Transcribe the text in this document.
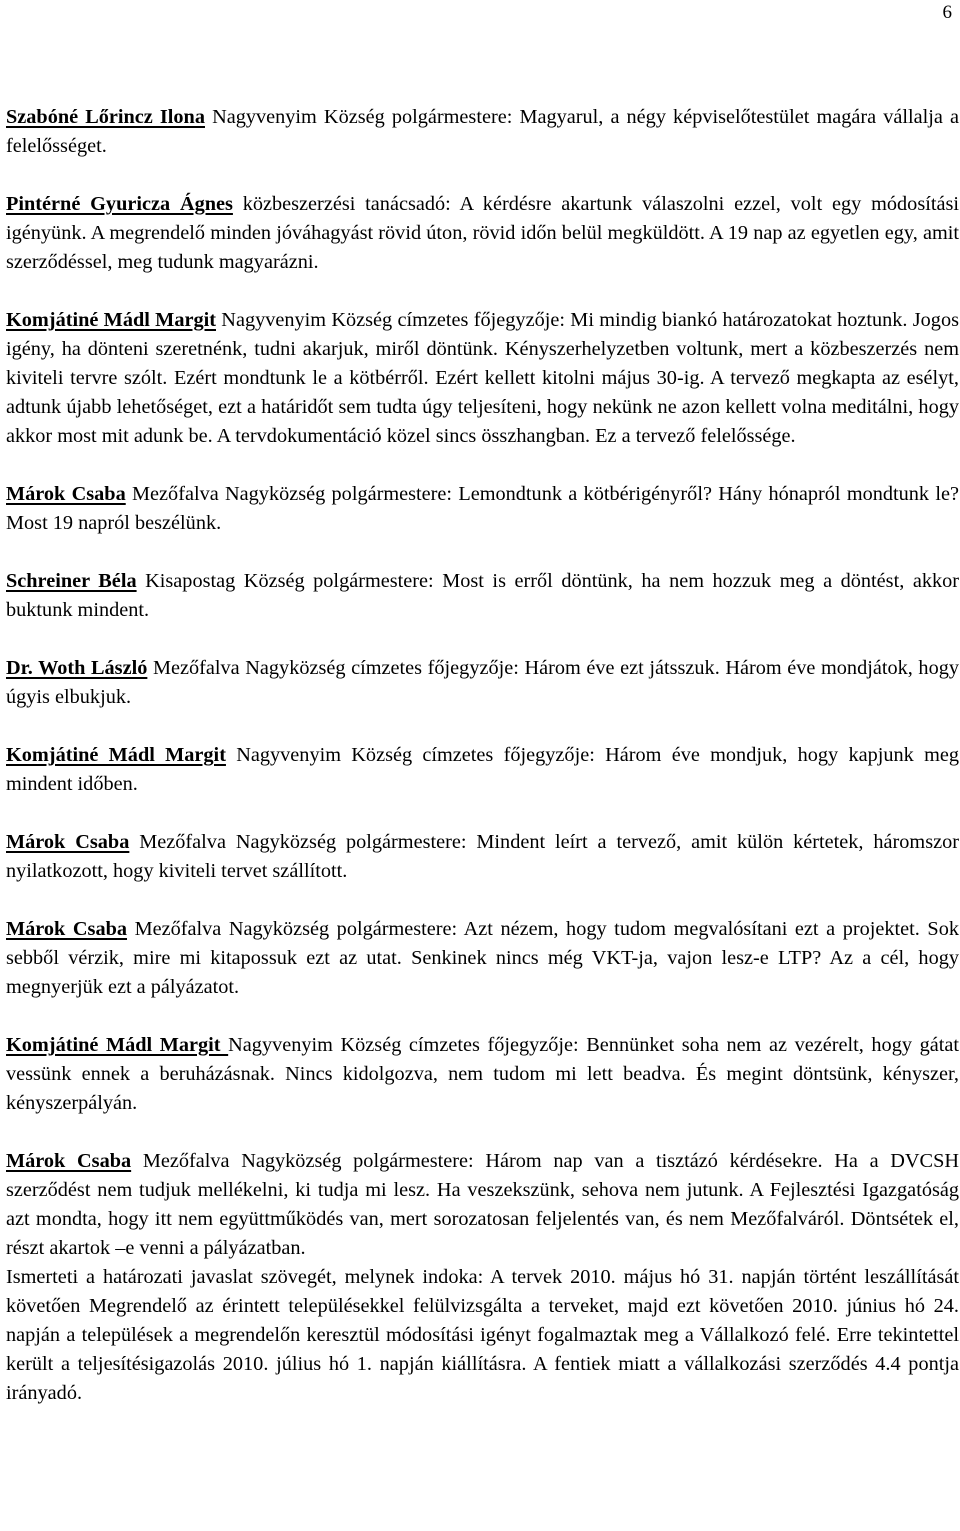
6

Szabóné Lőrincz Ilona Nagyvenyim Község polgármestere: Magyarul, a négy képviselőtestület magára vállalja a felelősséget.

Pintérné Gyuricza Ágnes közbeszerzési tanácsadó: A kérdésre akartunk válaszolni ezzel, volt egy módosítási igényünk. A megrendelő minden jóváhagyást rövid úton, rövid időn belül megküldött. A 19 nap az egyetlen egy, amit szerződéssel, meg tudunk magyarázni.

Komjátiné Mádl Margit Nagyvenyim Község címzetes főjegyzője: Mi mindig biankó határozatokat hoztunk. Jogos igény, ha dönteni szeretnénk, tudni akarjuk, miről döntünk. Kényszerhelyzetben voltunk, mert a közbeszerzés nem kiviteli tervre szólt. Ezért mondtunk le a kötbérről. Ezért kellett kitolni május 30-ig. A tervező megkapta az esélyt, adtunk újabb lehetőséget, ezt a határidőt sem tudta úgy teljesíteni, hogy nekünk ne azon kellett volna meditálni, hogy akkor most mit adunk be. A tervdokumentáció közel sincs összhangban. Ez a tervező felelőssége.

Márok Csaba Mezőfalva Nagyközség polgármestere: Lemondtunk a kötbérigényről? Hány hónapról mondtunk le? Most 19 napról beszélünk.

Schreiner Béla Kisapostag Község polgármestere: Most is erről döntünk, ha nem hozzuk meg a döntést, akkor buktunk mindent.

Dr. Woth László Mezőfalva Nagyközség címzetes főjegyzője: Három éve ezt játsszuk. Három éve mondjátok, hogy úgyis elbukjuk.

Komjátiné Mádl Margit Nagyvenyim Község címzetes főjegyzője: Három éve mondjuk, hogy kapjunk meg mindent időben.

Márok Csaba Mezőfalva Nagyközség polgármestere: Mindent leírt a tervező, amit külön kértetek, háromszor nyilatkozott, hogy kiviteli tervet szállított.

Márok Csaba Mezőfalva Nagyközség polgármestere: Azt nézem, hogy tudom megvalósítani ezt a projektet. Sok sebből vérzik, mire mi kitapossuk ezt az utat. Senkinek nincs még VKT-ja, vajon lesz-e LTP? Az a cél, hogy megnyerjük ezt a pályázatot.

Komjátiné Mádl Margit Nagyvenyim Község címzetes főjegyzője: Bennünket soha nem az vezérelt, hogy gátat vessünk ennek a beruházásnak. Nincs kidolgozva, nem tudom mi lett beadva. És megint döntsünk, kényszer, kényszerpályán.

Márok Csaba Mezőfalva Nagyközség polgármestere: Három nap van a tisztázó kérdésekre. Ha a DVCSH szerződést nem tudjuk mellékelni, ki tudja mi lesz. Ha veszekszünk, sehova nem jutunk. A Fejlesztési Igazgatóság azt mondta, hogy itt nem együttműködés van, mert sorozatosan feljelentés van, és nem Mezőfalváról. Döntsétek el, részt akartok –e venni a pályázatban.

Ismerteti a határozati javaslat szövegét, melynek indoka: A tervek 2010. május hó 31. napján történt leszállítását követően Megrendelő az érintett településekkel felülvizsgálta a terveket, majd ezt követően 2010. június hó 24. napján a települések a megrendelőn keresztül módosítási igényt fogalmaztak meg a Vállalkozó felé. Erre tekintettel került a teljesítésigazolás 2010. július hó 1. napján kiállításra. A fentiek miatt a vállalkozási szerződés 4.4 pontja irányadó.
